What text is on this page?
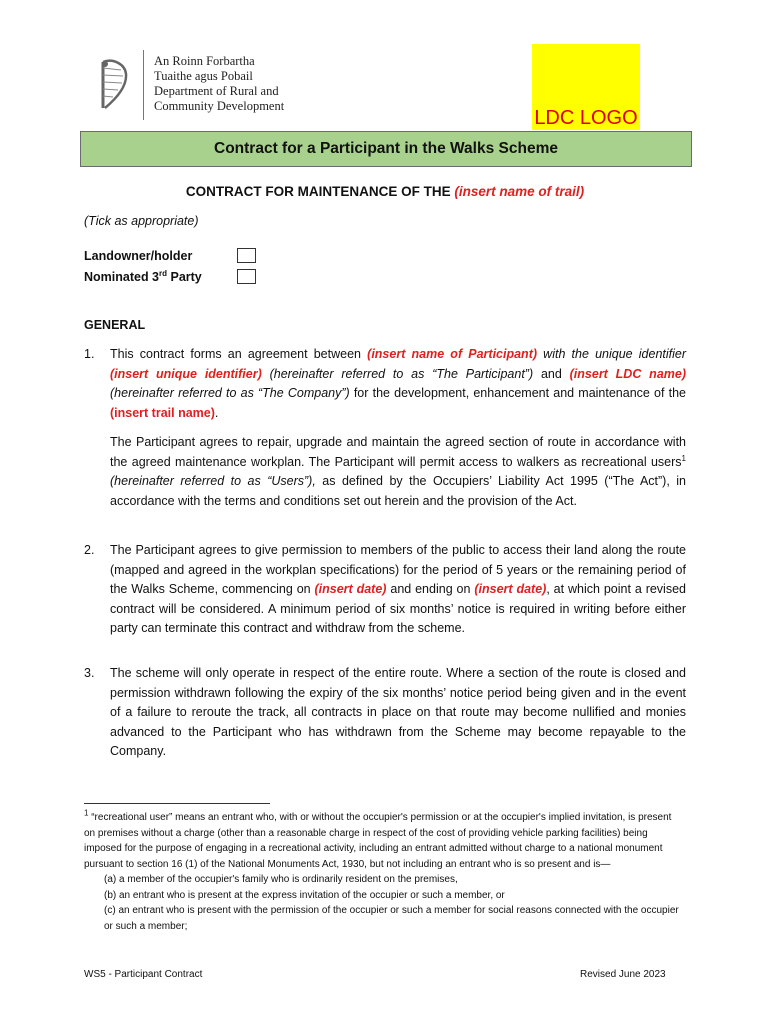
An Roinn Forbartha
Tuaithe agus Pobail
Department of Rural and
Community Development
LDC LOGO
Contract for a Participant in the Walks Scheme
CONTRACT FOR MAINTENANCE OF THE (insert name of trail)
(Tick as appropriate)
Landowner/holder
Nominated 3rd Party
GENERAL
1. This contract forms an agreement between (insert name of Participant) with the unique identifier (insert unique identifier) (hereinafter referred to as “The Participant”) and (insert LDC name) (hereinafter referred to as “The Company”) for the development, enhancement and maintenance of the (insert trail name).
The Participant agrees to repair, upgrade and maintain the agreed section of route in accordance with the agreed maintenance workplan. The Participant will permit access to walkers as recreational users$^1$ (hereinafter referred to as “Users”), as defined by the Occupiers’ Liability Act 1995 (“The Act”), in accordance with the terms and conditions set out herein and the provision of the Act.
2. The Participant agrees to give permission to members of the public to access their land along the route (mapped and agreed in the workplan specifications) for the period of 5 years or the remaining period of the Walks Scheme, commencing on (insert date) and ending on (insert date), at which point a revised contract will be considered. A minimum period of six months’ notice is required in writing before either party can terminate this contract and withdraw from the scheme.
3. The scheme will only operate in respect of the entire route. Where a section of the route is closed and permission withdrawn following the expiry of the six months’ notice period being given and in the event of a failure to reroute the track, all contracts in place on that route may become nullified and monies advanced to the Participant who has withdrawn from the Scheme may become repayable to the Company.
$^1$ “recreational user” means an entrant who, with or without the occupier's permission or at the occupier's implied invitation, is present on premises without a charge (other than a reasonable charge in respect of the cost of providing vehicle parking facilities) being imposed for the purpose of engaging in a recreational activity, including an entrant admitted without charge to a national monument pursuant to section 16 (1) of the National Monuments Act, 1930, but not including an entrant who is so present and is—
(a) a member of the occupier's family who is ordinarily resident on the premises,
(b) an entrant who is present at the express invitation of the occupier or such a member, or
(c) an entrant who is present with the permission of the occupier or such a member for social reasons connected with the occupier or such a member;
WS5 - Participant Contract	Revised June 2023
